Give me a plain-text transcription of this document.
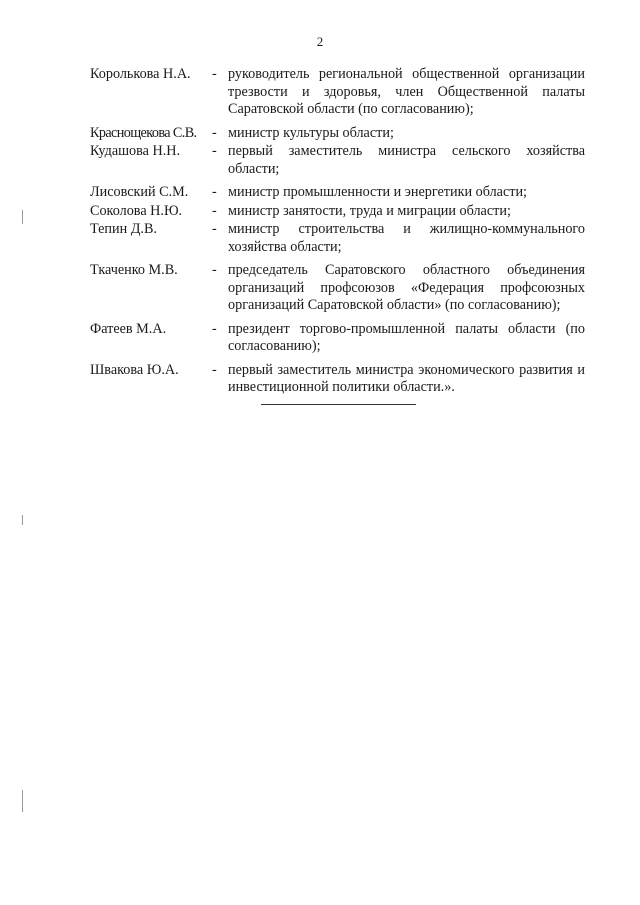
2
Королькова Н.А.	- руководитель региональной общественной организации трезвости и здоровья, член Общественной палаты Саратовской области (по согласованию);
Краснощекова С.В.	- министр культуры области;
Кудашова Н.Н.	- первый заместитель министра сельского хозяйства области;
Лисовский С.М.	- министр промышленности и энергетики области;
Соколова Н.Ю.	- министр занятости, труда и миграции области;
Тепин Д.В.	- министр строительства и жилищно-коммунального хозяйства области;
Ткаченко М.В.	- председатель Саратовского областного объединения организаций профсоюзов «Федерация профсоюзных организаций Саратовской области» (по согласованию);
Фатеев М.А.	- президент торгово-промышленной палаты области (по согласованию);
Швакова Ю.А.	- первый заместитель министра экономического развития и инвестиционной политики области.».
